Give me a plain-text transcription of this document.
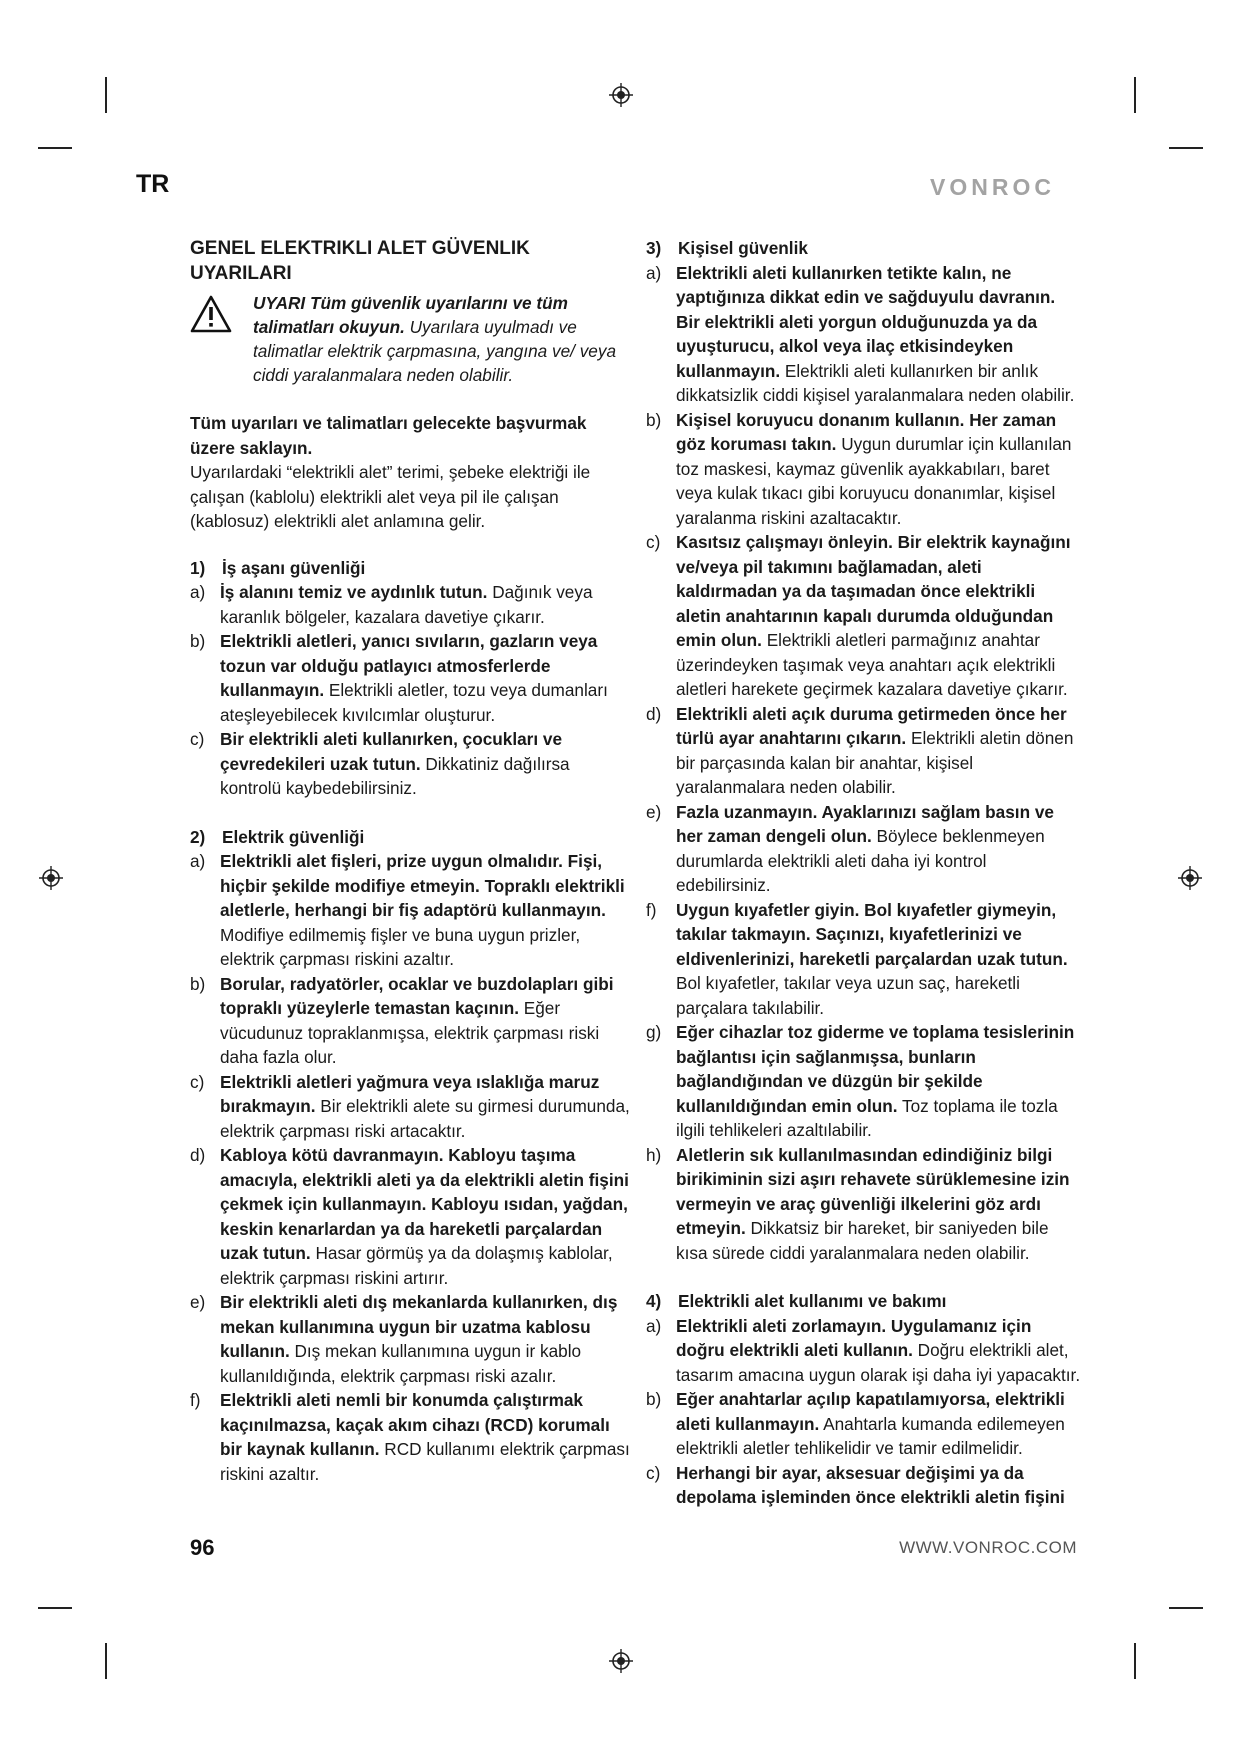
TR	VONROC

GENEL ELEKTRIKLI ALET GÜVENLIK UYARILARI

UYARI Tüm güvenlik uyarılarını ve tüm talimatları okuyun. Uyarılara uyulmadı ve talimatlar elektrik çarpmasına, yangına ve/ veya ciddi yaralanmalara neden olabilir.

Tüm uyarıları ve talimatları gelecekte başvurmak üzere saklayın.

Uyarılardaki “elektrikli alet” terimi, şebeke elektriği ile çalışan (kablolu) elektrikli alet veya pil ile çalışan (kablosuz) elektrikli alet anlamına gelir.

1) İş aşanı güvenliği
a) İş alanını temiz ve aydınlık tutun. Dağınık veya karanlık bölgeler, kazalara davetiye çıkarır.
b) Elektrikli aletleri, yanıcı sıvıların, gazların veya tozun var olduğu patlayıcı atmosferlerde kullanmayın. Elektrikli aletler, tozu veya dumanları ateşleyebilecek kıvılcımlar oluşturur.
c) Bir elektrikli aleti kullanırken, çocukları ve çevredekileri uzak tutun. Dikkatiniz dağılırsa kontrolü kaybedebilirsiniz.
2) Elektrik güvenliği
a) Elektrikli alet fişleri, prize uygun olmalıdır. Fişi, hiçbir şekilde modifiye etmeyin. Topraklı elektrikli aletlerle, herhangi bir fiş adaptörü kullanmayın. Modifiye edilmemiş fişler ve buna uygun prizler, elektrik çarpması riskini azaltır.
b) Borular, radyatörler, ocaklar ve buzdolapları gibi topraklı yüzeylerle temastan kaçının. Eğer vücudunuz topraklanmışsa, elektrik çarpması riski daha fazla olur.
c) Elektrikli aletleri yağmura veya ıslaklığa maruz bırakmayın. Bir elektrikli alete su girmesi durumunda, elektrik çarpması riski artacaktır.
d) Kabloya kötü davranmayın. Kabloyu taşıma amacıyla, elektrikli aleti ya da elektrikli aletin fişini çekmek için kullanmayın. Kabloyu ısıdan, yağdan, keskin kenarlardan ya da hareketli parçalardan uzak tutun. Hasar görmüş ya da dolaşmış kablolar, elektrik çarpması riskini artırır.
e) Bir elektrikli aleti dış mekanlarda kullanırken, dış mekan kullanımına uygun bir uzatma kablosu kullanın. Dış mekan kullanımına uygun ir kablo kullanıldığında, elektrik çarpması riski azalır.
f)	Elektrikli aleti nemli bir konumda çalıştırmak kaçınılmazsa, kaçak akım cihazı (RCD) korumalı bir kaynak kullanın. RCD kullanımı elektrik çarpması riskini azaltır.
3) Kişisel güvenlik
a) Elektrikli aleti kullanırken tetikte kalın, ne yaptığınıza dikkat edin ve sağduyulu davranın. Bir elektrikli aleti yorgun olduğunuzda ya da uyuşturucu, alkol veya ilaç etkisindeyken kullanmayın. Elektrikli aleti kullanırken bir anlık dikkatsizlik ciddi kişisel yaralanmalara neden olabilir.
b) Kişisel koruyucu donanım kullanın. Her zaman göz koruması takın. Uygun durumlar için kullanılan toz maskesi, kaymaz güvenlik ayakkabıları, baret veya kulak tıkacı gibi koruyucu donanımlar, kişisel yaralanma riskini azaltacaktır.
c) Kasıtsız çalışmayı önleyin. Bir elektrik kaynağını ve/veya pil takımını bağlamadan, aleti kaldırmadan ya da taşımadan önce elektrikli aletin anahtarının kapalı durumda olduğundan emin olun. Elektrikli aletleri parmağınız anahtar üzerindeyken taşımak veya anahtarı açık elektrikli aletleri harekete geçirmek kazalara davetiye çıkarır.
d) Elektrikli aleti açık duruma getirmeden önce her türlü ayar anahtarını çıkarın. Elektrikli aletin dönen bir parçasında kalan bir anahtar, kişisel yaralanmalara neden olabilir.
e) Fazla uzanmayın. Ayaklarınızı sağlam basın ve her zaman dengeli olun. Böylece beklenmeyen durumlarda elektrikli aleti daha iyi kontrol edebilirsiniz.
f)	Uygun kıyafetler giyin. Bol kıyafetler giymeyin, takılar takmayın. Saçınızı, kıyafetlerinizi ve eldivenlerinizi, hareketli parçalardan uzak tutun. Bol kıyafetler, takılar veya uzun saç, hareketli parçalara takılabilir.
g) Eğer cihazlar toz giderme ve toplama tesislerinin bağlantısı için sağlanmışsa, bunların bağlandığından ve düzgün bir şekilde kullanıldığından emin olun. Toz toplama ile tozla ilgili tehlikeleri azaltılabilir.
h) Aletlerin sık kullanılmasından edindiğiniz bilgi birikiminin sizi aşırı rehavete sürüklemesine izin vermeyin ve araç güvenliği ilkelerini göz ardı etmeyin. Dikkatsiz bir hareket, bir saniyeden bile kısa sürede ciddi yaralanmalara neden olabilir.
4) Elektrikli alet kullanımı ve bakımı
a) Elektrikli aleti zorlamayın. Uygulamanız için doğru elektrikli aleti kullanın. Doğru elektrikli alet, tasarım amacına uygun olarak işi daha iyi yapacaktır.
b) Eğer anahtarlar açılıp kapatılamıyorsa, elektrikli aleti kullanmayın. Anahtarla kumanda edilemeyen elektrikli aletler tehlikelidir ve tamir edilmelidir.
c) Herhangi bir ayar, aksesuar değişimi ya da depolama işleminden önce elektrikli aletin fişini
96	WWW.VONROC.COM
